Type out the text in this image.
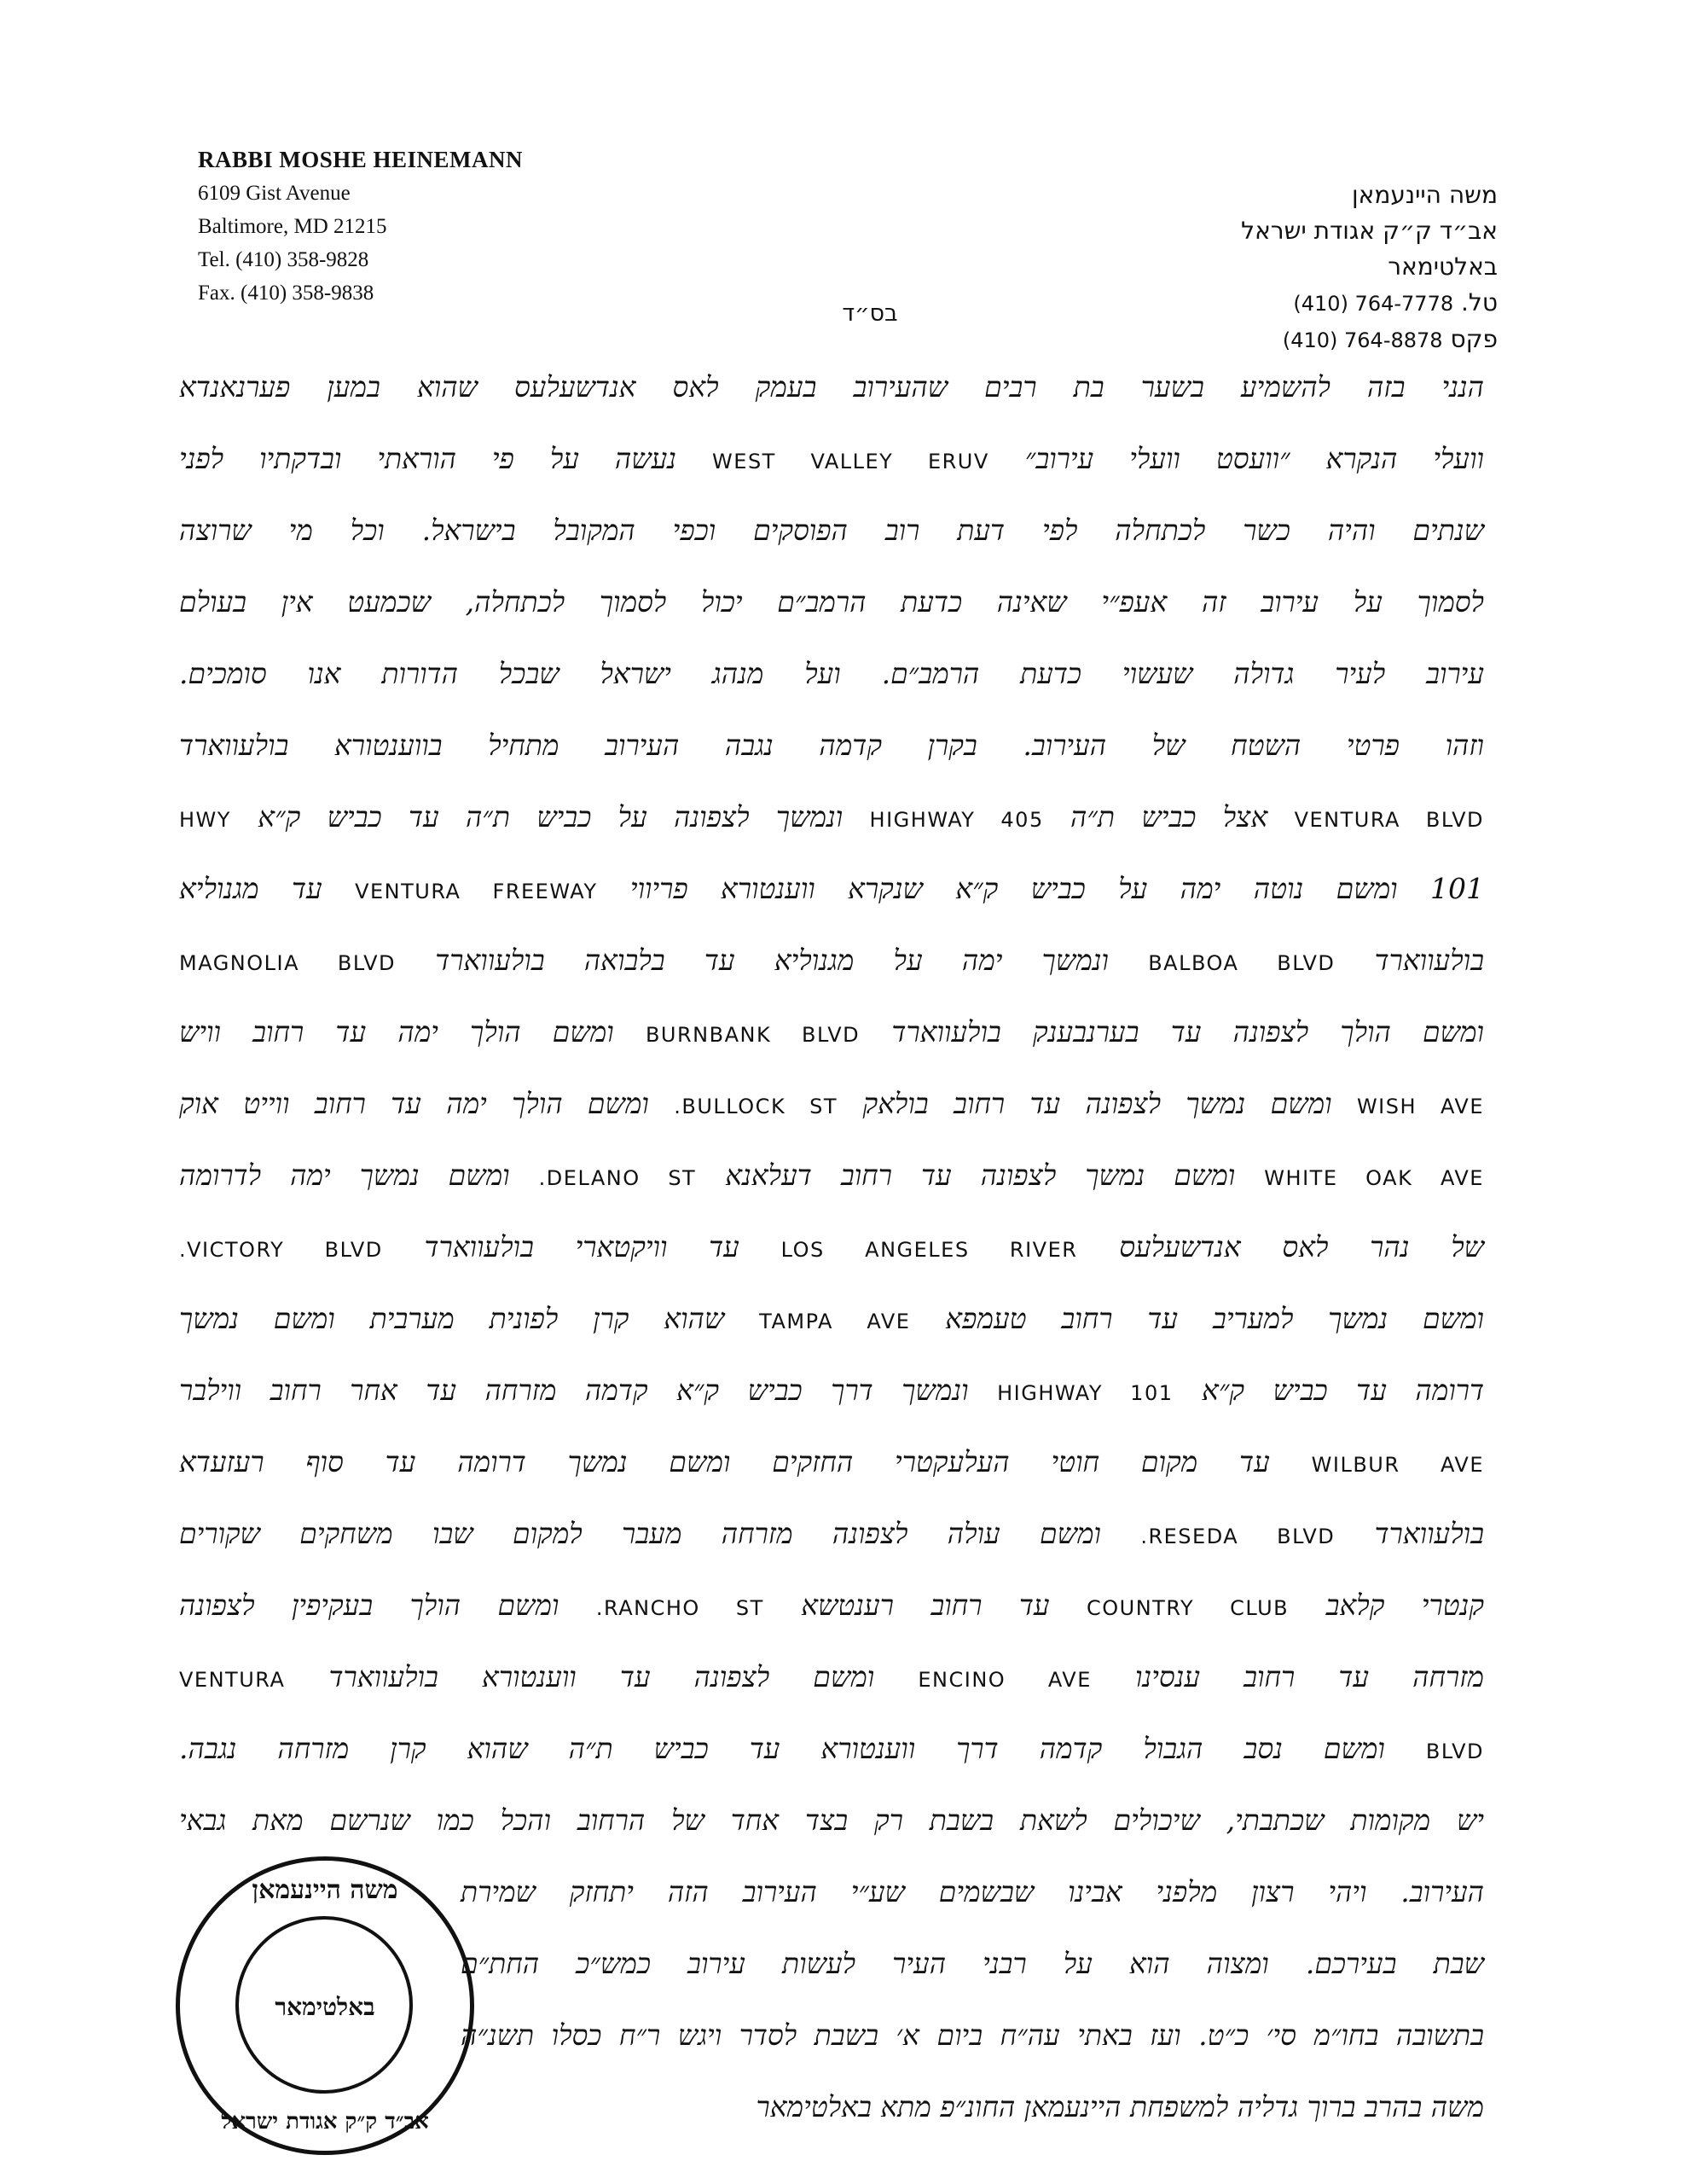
RABBI MOSHE HEINEMANN
6109 Gist Avenue
Baltimore, MD 21215
Tel. (410) 358-9828
Fax. (410) 358-9838
משה היינעמאן
אב״ד ק״ק אגודת ישראל
באלטימאר
טל. (410) 764-7778
פקס (410) 764-8878
בס״ד
הנני בזה להשמיע בשער בת רבים שהעירוב בעמק לאס אנדשעלעס שהוא במען פערנאנדא
וועלי הנקרא ״וועסט וועלי עירוב״ WEST VALLEY ERUV נעשה על פי הוראתי ובדקתיו לפני
שנתים והיה כשר לכתחלה לפי דעת רוב הפוסקים וכפי המקובל בישראל. וכל מי שרוצה
לסמוך על עירוב זה אעפ״י שאינה כדעת הרמב״ם יכול לסמוך לכתחלה, שכמעט אין בעולם
עירוב לעיר גדולה שעשוי כדעת הרמב״ם. ועל מנהג ישראל שבכל הדורות אנו סומכים.
וזהו פרטי השטח של העירוב. בקרן קדמה נגבה העירוב מתחיל בווענטורא בולעווארד
VENTURA BLVD אצל כביש ת״ה HIGHWAY 405 ונמשך לצפונה על כביש ת״ה עד כביש ק״א HWY
101 ומשם נוטה ימה על כביש ק״א שנקרא ווענטורא פריווי VENTURA FREEWAY עד מגנוליא
בולעווארד BALBOA BLVD ונמשך ימה על מגנוליא עד בלבואה בולעווארד MAGNOLIA BLVD
ומשם הולך לצפונה עד בערנבענק בולעווארד BURNBANK BLVD ומשם הולך ימה עד רחוב וויש
WISH AVE ומשם נמשך לצפונה עד רחוב בולאק BULLOCK ST. ומשם הולך ימה עד רחוב ווייט אוק
WHITE OAK AVE ומשם נמשך לצפונה עד רחוב דעלאנא DELANO ST. ומשם נמשך ימה לדרומה
של נהר לאס אנדשעלעס LOS ANGELES RIVER עד וויקטארי בולעווארד VICTORY BLVD.
ומשם נמשך למעריב עד רחוב טעמפא TAMPA AVE שהוא קרן לפונית מערבית ומשם נמשך
דרומה עד כביש ק״א HIGHWAY 101 ונמשך דרך כביש ק״א קדמה מזרחה עד אחר רחוב ווילבר
WILBUR AVE עד מקום חוטי העלעקטרי החזקים ומשם נמשך דרומה עד סוף רעזעדא
בולעווארד RESEDA BLVD. ומשם עולה לצפונה מזרחה מעבר למקום שבו משחקים שקורים
קנטרי קלאב COUNTRY CLUB עד רחוב רענטשא RANCHO ST. ומשם הולך בעקיפין לצפונה
מזרחה עד רחוב ענסינו ENCINO AVE ומשם לצפונה עד ווענטורא בולעווארד VENTURA
BLVD ומשם נסב הגבול קדמה דרך ווענטורא עד כביש ת״ה שהוא קרן מזרחה נגבה.
יש מקומות שכתבתי, שיכולים לשאת בשבת רק בצד אחד של הרחוב והכל כמו שנרשם מאת גבאי
העירוב. ויהי רצון מלפני אבינו שבשמים שע״י העירוב הזה יתחזק שמירת
שבת בעירכם. ומצוה הוא על רבני העיר לעשות עירוב כמש״כ החת״ם
בתשובה בחו״מ סי׳ כ״ט. ועז באתי עה״ח ביום א׳ בשבת לסדר ויגש ר״ח כסלו תשנ״ה
משה בהרב ברוך גדליה למשפחת היינעמאן החונ״פ מתא באלטימאר
משה היינעמאן
באלטימאר
אב״ד ק״ק אגודת ישראל
